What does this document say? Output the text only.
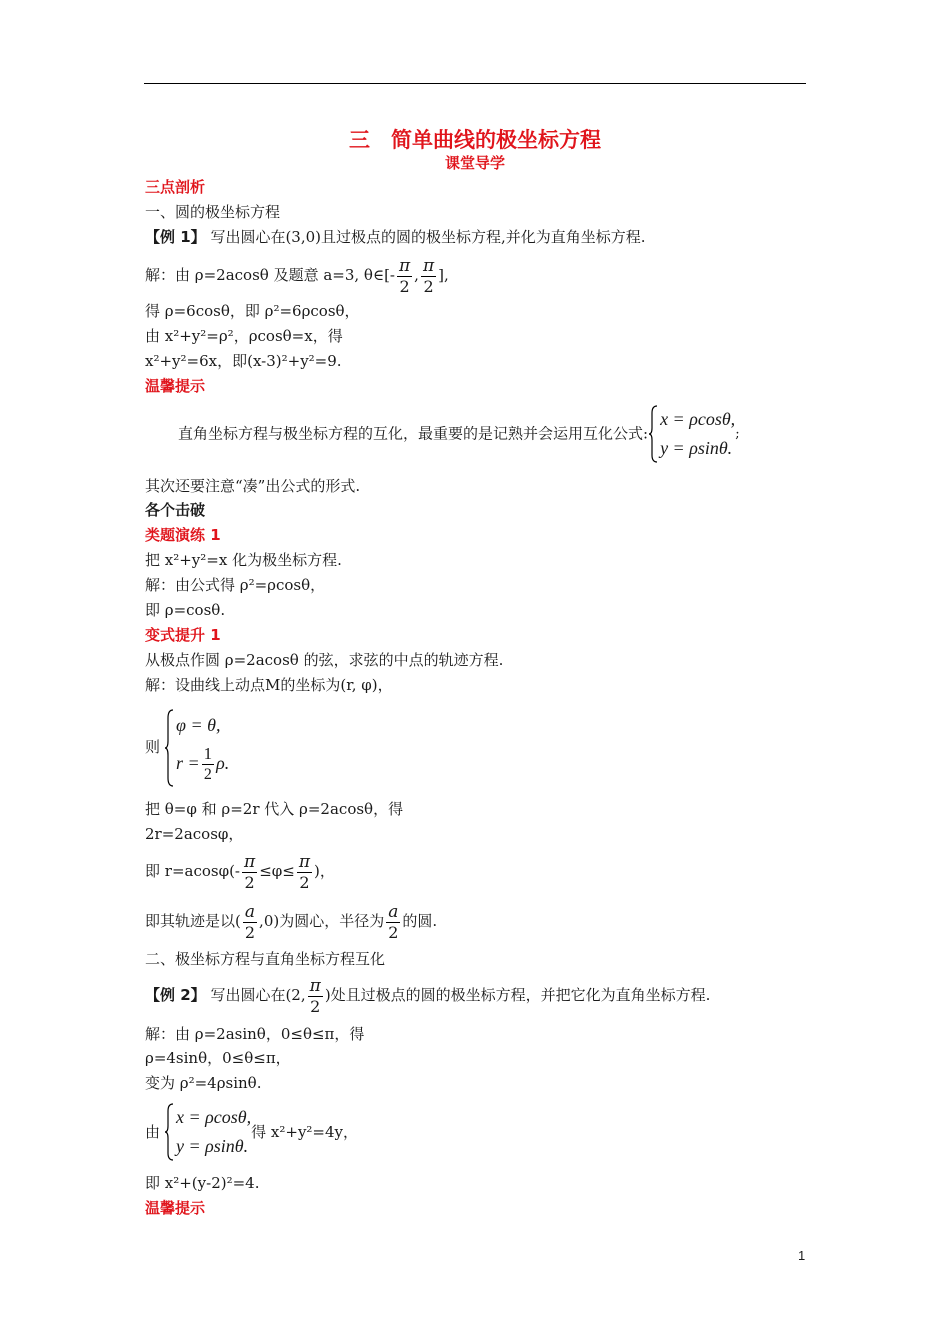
三　简单曲线的极坐标方程
课堂导学
三点剖析
一、圆的极坐标方程
【例 1】 写出圆心在(3,0)且过极点的圆的极坐标方程,并化为直角坐标方程.
解：由 ρ=2acosθ 及题意 a=3, θ∈[- $\frac{\pi}{2}$ , $\frac{\pi}{2}$ ],
得 ρ=6cosθ，即 ρ²=6ρcosθ，
由 x²+y²=ρ²，ρcosθ=x，得
x²+y²=6x，即(x-3)²+y²=9.
温馨提示
直角坐标方程与极坐标方程的互化，最重要的是记熟并会运用互化公式:
x = ρcosθ,
y = ρsinθ.
;
其次还要注意“凑”出公式的形式.
各个击破
类题演练 1
把 x²+y²=x 化为极坐标方程.
解：由公式得 ρ²=ρcosθ，
即 ρ=cosθ.
变式提升 1
从极点作圆 ρ=2acosθ 的弦，求弦的中点的轨迹方程.
解：设曲线上动点M的坐标为(r, φ)，
则
φ = θ,
$r = \frac{1}{2} \rho$.
把 θ=φ 和 ρ=2r 代入 ρ=2acosθ，得
2r=2acosφ，
即 $r=acos\varphi(- \frac{\pi}{2} \le\varphi\le \frac{\pi}{2}$ )，
即其轨迹是以( $\frac{a}{2} ,0$)为圆心，半径为 $\frac{a}{2}$ 的圆.
二、极坐标方程与直角坐标方程互化
【例 2】 写出圆心在(2, $\frac{\pi}{2}$ )处且过极点的圆的极坐标方程，并把它化为直角坐标方程.
解：由 ρ=2asinθ，0≤θ≤π，得
ρ=4sinθ，0≤θ≤π，
变为 ρ²=4ρsinθ.
由
x = ρcosθ,
y = ρsinθ.
得 x²+y²=4y，
即 x²+(y-2)²=4.
温馨提示
1
